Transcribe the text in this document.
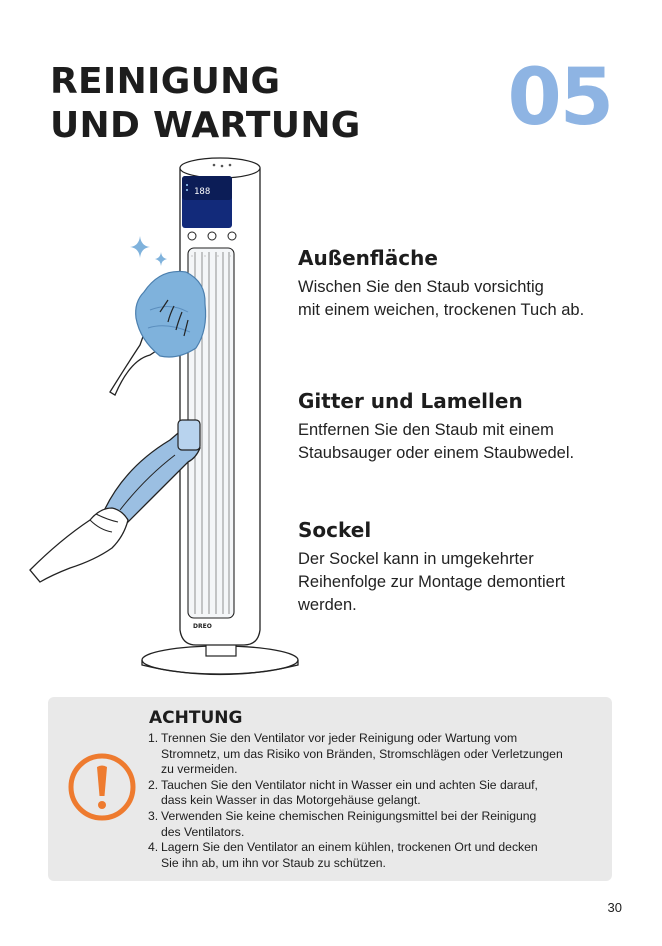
REINIGUNG
UND WARTUNG 05
188
DREO
Außenfläche

Wischen Sie den Staub vorsichtig
mit einem weichen, trockenen Tuch ab.

Gitter und Lamellen

Entfernen Sie den Staub mit einem
Staubsauger oder einem Staubwedel.

Sockel

Der Sockel kann in umgekehrter
Reihenfolge zur Montage demontiert
werden.

ACHTUNG
1. Trennen Sie den Ventilator vor jeder Reinigung oder Wartung vom
Stromnetz, um das Risiko von Bränden, Stromschlägen oder Verletzungen
zu vermeiden.
2. Tauchen Sie den Ventilator nicht in Wasser ein und achten Sie darauf,
dass kein Wasser in das Motorgehäuse gelangt.
3. Verwenden Sie keine chemischen Reinigungsmittel bei der Reinigung
des Ventilators.
4. Lagern Sie den Ventilator an einem kühlen, trockenen Ort und decken
Sie ihn ab, um ihn vor Staub zu schützen.
30
